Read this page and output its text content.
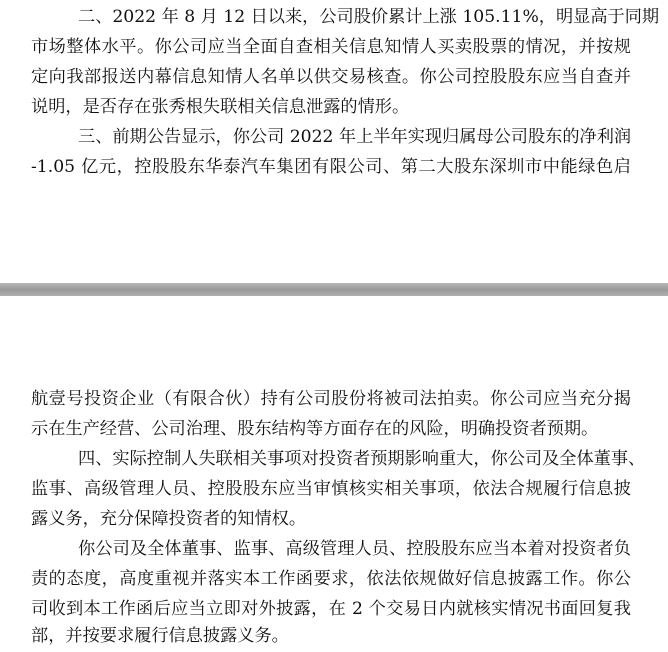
二、2022 年 8 月 12 日以来，公司股价累计上涨 105.11%，明显高于同期
市场整体水平。你公司应当全面自查相关信息知情人买卖股票的情况，并按规
定向我部报送内幕信息知情人名单以供交易核查。你公司控股股东应当自查并
说明，是否存在张秀根失联相关信息泄露的情形。
三、前期公告显示，你公司 2022 年上半年实现归属母公司股东的净利润
-1.05 亿元，控股股东华泰汽车集团有限公司、第二大股东深圳市中能绿色启
航壹号投资企业（有限合伙）持有公司股份将被司法拍卖。你公司应当充分揭
示在生产经营、公司治理、股东结构等方面存在的风险，明确投资者预期。
四、实际控制人失联相关事项对投资者预期影响重大，你公司及全体董事、
监事、高级管理人员、控股股东应当审慎核实相关事项，依法合规履行信息披
露义务，充分保障投资者的知情权。
你公司及全体董事、监事、高级管理人员、控股股东应当本着对投资者负
责的态度，高度重视并落实本工作函要求，依法依规做好信息披露工作。你公
司收到本工作函后应当立即对外披露，在 2 个交易日内就核实情况书面回复我
部，并按要求履行信息披露义务。
